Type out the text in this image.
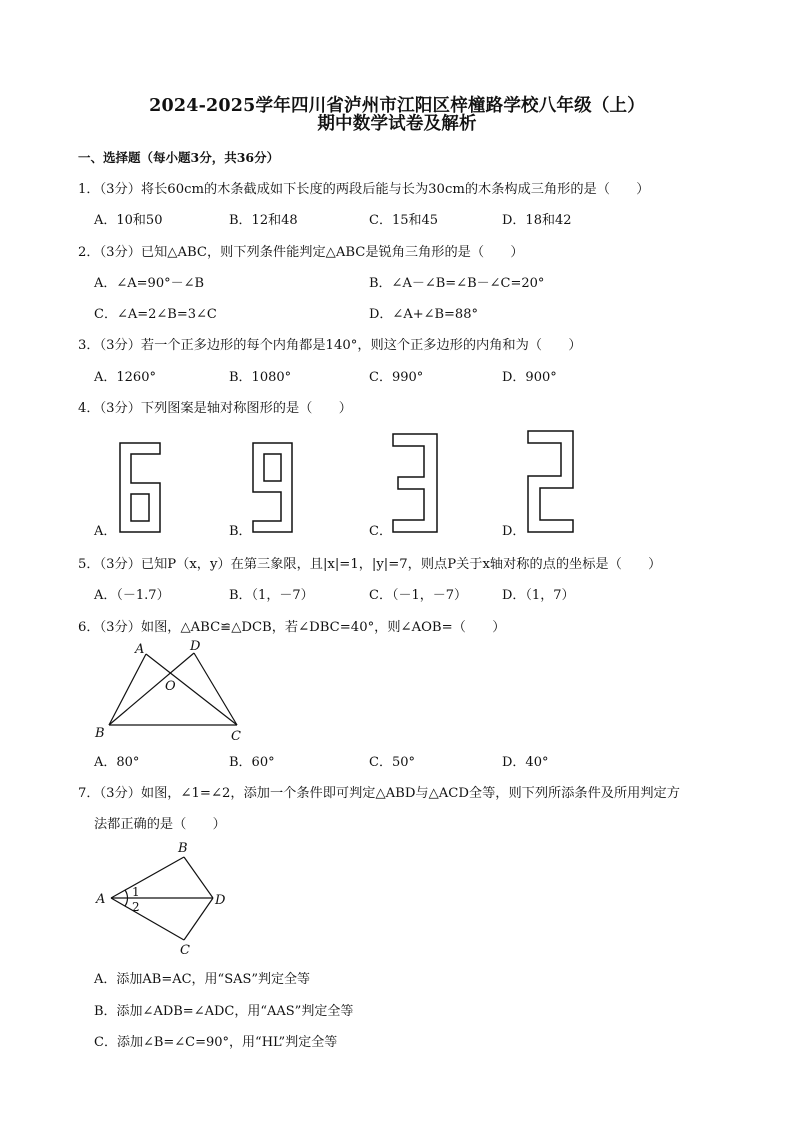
2024-2025学年四川省泸州市江阳区梓橦路学校八年级（上）
期中数学试卷及解析
一、选择题（每小题3分，共36分）
1．（3分）将长60cm的木条截成如下长度的两段后能与长为30cm的木条构成三角形的是（　　）
A．10和50	B．12和48	C．15和45	D．18和42
2．（3分）已知△ABC，则下列条件能判定△ABC是锐角三角形的是（　　）
A．∠A=90°－∠B	B．∠A－∠B=∠B－∠C=20°
C．∠A=2∠B=3∠C	D．∠A+∠B=88°
3．（3分）若一个正多边形的每个内角都是140°，则这个正多边形的内角和为（　　）
A．1260°	B．1080°	C．990°	D．900°
4．（3分）下列图案是轴对称图形的是（　　）
A．	B．	C．	D．
5．（3分）已知P（x，y）在第三象限，且|x|=1，|y|=7，则点P关于x轴对称的点的坐标是（　　）
A．（－1.7）	B．（1，－7）	C．（－1，－7）	D．（1，7）
6．（3分）如图，△ABC≌△DCB，若∠DBC=40°，则∠AOB=（　　）
A	D
O
B	C
A．80°	B．60°	C．50°	D．40°
7．（3分）如图，∠1=∠2，添加一个条件即可判定△ABD与△ACD全等，则下列所添条件及所用判定方
法都正确的是（　　）
B
A	D
C
1
2
A．添加AB=AC，用“SAS”判定全等
B．添加∠ADB=∠ADC，用“AAS”判定全等
C．添加∠B=∠C=90°，用“HL”判定全等
